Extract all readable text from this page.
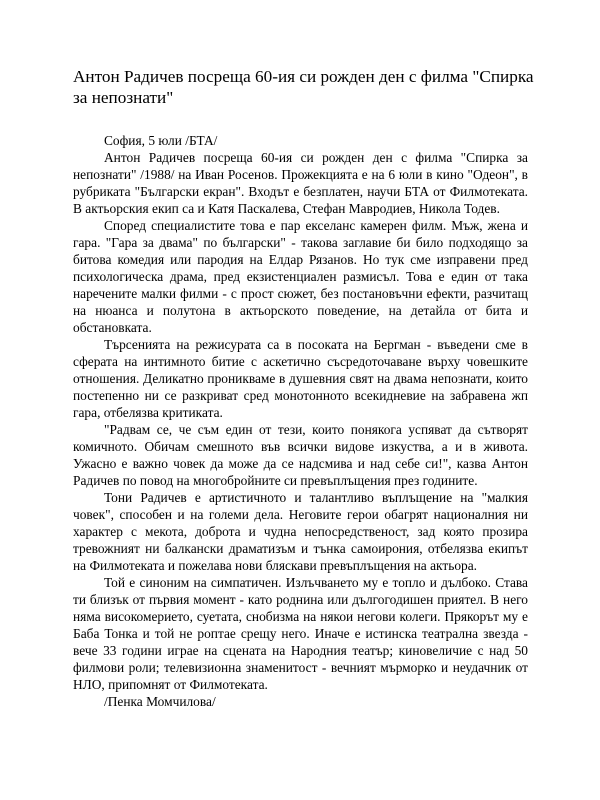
Антон Радичев посреща 60-ия си рожден ден с филма "Спирка за непознати"

София, 5 юли /БТА/

Антон Радичев посреща 60-ия си рожден ден с филма "Спирка за непознати" /1988/ на Иван Росенов. Прожекцията е на 6 юли в кино "Одеон", в рубриката "Български екран". Входът е безплатен, научи БТА от Филмотеката. В актьорския екип са и Катя Паскалева, Стефан Мавродиев, Никола Тодев.

Според специалистите това е пар екселанс камерен филм. Мъж, жена и гара. "Гара за двама" по български" - такова заглавие би било подходящо за битова комедия или пародия на Елдар Рязанов. Но тук сме изправени пред психологическа драма, пред екзистенциален размисъл. Това е един от така наречените малки филми - с прост сюжет, без постановъчни ефекти, разчитащ на нюанса и полутона в актьорското поведение, на детайла от бита и обстановката.

Търсенията на режисурата са в посоката на Бергман - въведени сме в сферата на интимното битие с аскетично съсредоточаване върху човешките отношения. Деликатно проникваме в душевния свят на двама непознати, които постепенно ни се разкриват сред монотонното всекидневие на забравена жп гара, отбелязва критиката.

"Радвам се, че съм един от тези, които понякога успяват да сътворят комичното. Обичам смешното във всички видове изкуства, а и в живота. Ужасно е важно човек да може да се надсмива и над себе си!", казва Антон Радичев по повод на многобройните си превъплъщения през годините.

Тони Радичев е артистичното и талантливо въплъщение на "малкия човек", способен и на големи дела. Неговите герои обагрят националния ни характер с мекота, доброта и чудна непосредственост, зад която прозира тревожният ни балкански драматизъм и тънка самоирония, отбелязва екипът на Филмотеката и пожелава нови бляскави превъплъщения на актьора.

Той е синоним на симпатичен. Излъчването му е топло и дълбоко. Става ти близък от първия момент - като роднина или дългогодишен приятел. В него няма високомерието, суетата, снобизма на някои негови колеги. Прякорът му е Баба Тонка и той не роптае срещу него. Иначе е истинска театрална звезда - вече 33 години играе на сцената на Народния театър; киновеличие с над 50 филмови роли; телевизионна знаменитост - вечният мърморко и неудачник от НЛО, припомнят от Филмотеката.

/Пенка Момчилова/
